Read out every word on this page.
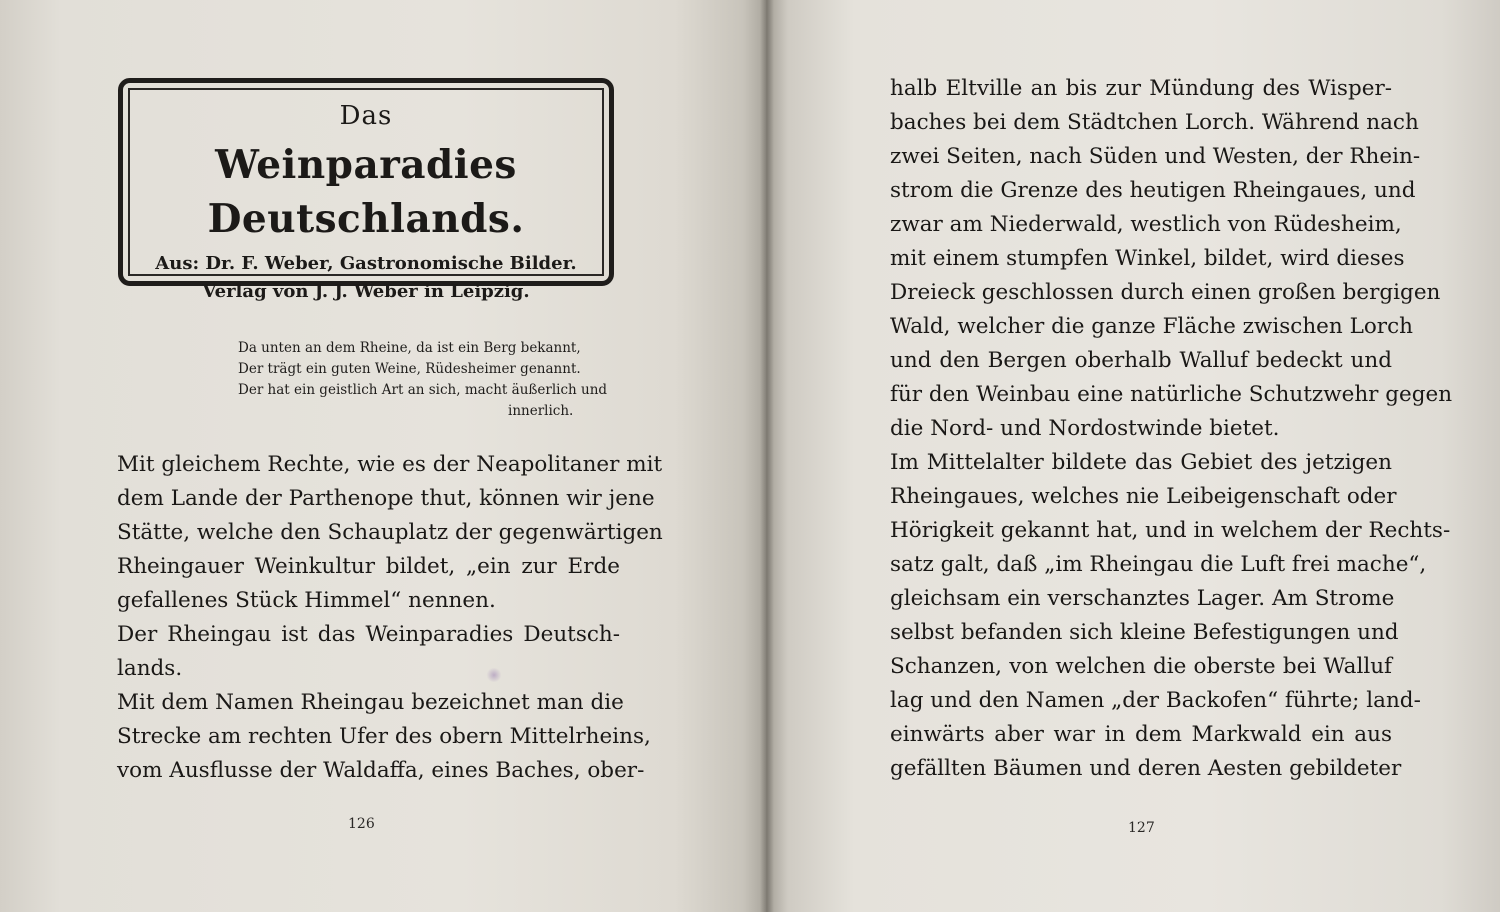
Das
Weinparadies Deutschlands.
Aus: Dr. F. Weber, Gastronomische Bilder.
Verlag von J. J. Weber in Leipzig.
Da unten an dem Rheine, da ist ein Berg bekannt,
Der trägt ein guten Weine, Rüdesheimer genannt.
Der hat ein geistlich Art an sich, macht äußerlich und
innerlich.
Mit gleichem Rechte, wie es der Neapolitaner mit
dem Lande der Parthenope thut, können wir jene
Stätte, welche den Schauplatz der gegenwärtigen
Rheingauer Weinkultur bildet, „ein zur Erde
gefallenes Stück Himmel“ nennen.
Der Rheingau ist das Weinparadies Deutsch-
lands.
Mit dem Namen Rheingau bezeichnet man die
Strecke am rechten Ufer des obern Mittelrheins,
vom Ausflusse der Waldaffa, eines Baches, ober-
126
halb Eltville an bis zur Mündung des Wisper-
baches bei dem Städtchen Lorch. Während nach
zwei Seiten, nach Süden und Westen, der Rhein-
strom die Grenze des heutigen Rheingaues, und
zwar am Niederwald, westlich von Rüdesheim,
mit einem stumpfen Winkel, bildet, wird dieses
Dreieck geschlossen durch einen großen bergigen
Wald, welcher die ganze Fläche zwischen Lorch
und den Bergen oberhalb Walluf bedeckt und
für den Weinbau eine natürliche Schutzwehr gegen
die Nord- und Nordostwinde bietet.
Im Mittelalter bildete das Gebiet des jetzigen
Rheingaues, welches nie Leibeigenschaft oder
Hörigkeit gekannt hat, und in welchem der Rechts-
satz galt, daß „im Rheingau die Luft frei mache“,
gleichsam ein verschanztes Lager. Am Strome
selbst befanden sich kleine Befestigungen und
Schanzen, von welchen die oberste bei Walluf
lag und den Namen „der Backofen“ führte; land-
einwärts aber war in dem Markwald ein aus
gefällten Bäumen und deren Aesten gebildeter
127
